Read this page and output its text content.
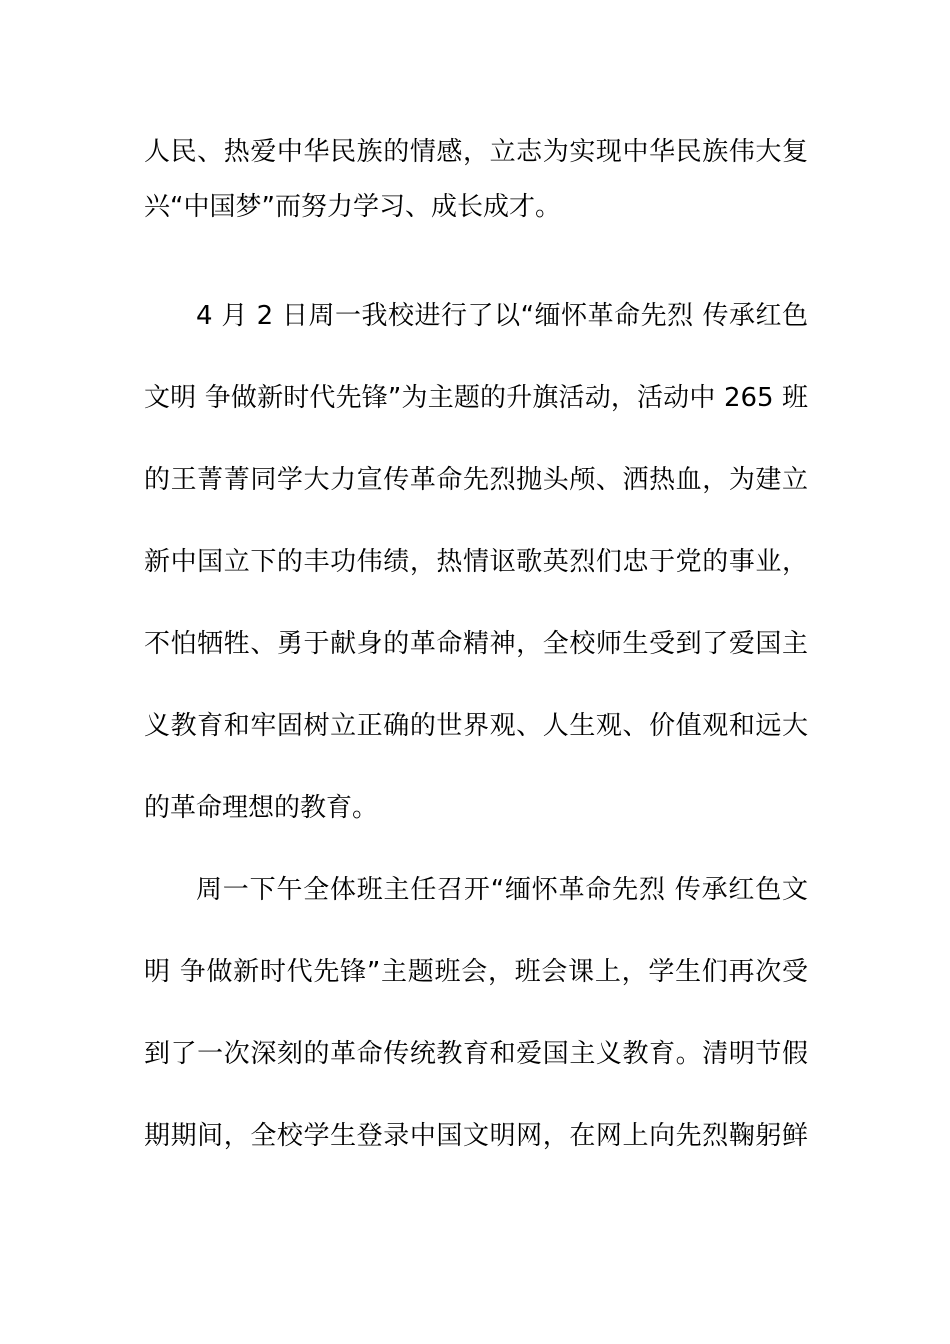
人民、热爱中华民族的情感，立志为实现中华民族伟大复
兴“中国梦”而努力学习、成长成才。
4 月 2 日周一我校进行了以“缅怀革命先烈 传承红色
文明 争做新时代先锋”为主题的升旗活动，活动中 265 班
的王菁菁同学大力宣传革命先烈抛头颅、洒热血，为建立
新中国立下的丰功伟绩，热情讴歌英烈们忠于党的事业，
不怕牺牲、勇于献身的革命精神，全校师生受到了爱国主
义教育和牢固树立正确的世界观、人生观、价值观和远大
的革命理想的教育。
周一下午全体班主任召开“缅怀革命先烈 传承红色文
明 争做新时代先锋”主题班会，班会课上，学生们再次受
到了一次深刻的革命传统教育和爱国主义教育。清明节假
期期间，全校学生登录中国文明网，在网上向先烈鞠躬鲜
